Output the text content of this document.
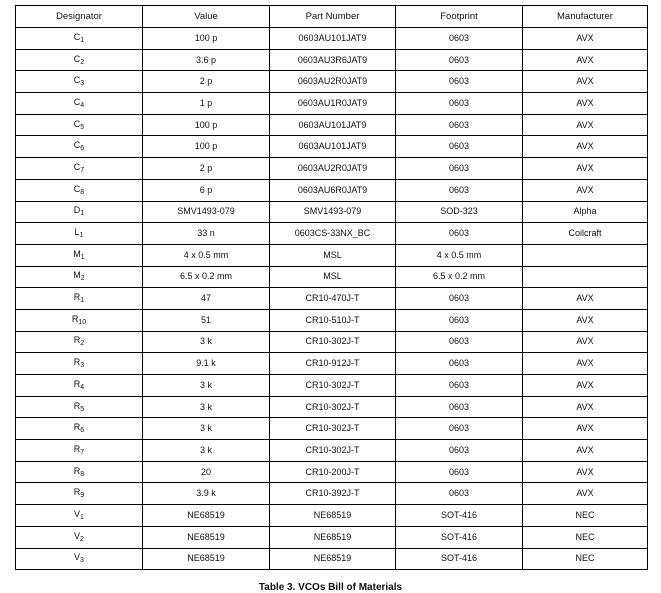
Designator	Value	Part Number	Footprint	Manufacturer
$C_1$	100 p	0603AU101JAT9	0603	AVX
$C_2$	3.6 p	0603AU3R6JAT9	0603	AVX
$C_3$	2 p	0603AU2R0JAT9	0603	AVX
$C_4$	1 p	0603AU1R0JAT9	0603	AVX
$C_5$	100 p	0603AU101JAT9	0603	AVX
$C_6$	100 p	0603AU101JAT9	0603	AVX
$C_7$	2 p	0603AU2R0JAT9	0603	AVX
$C_8$	6 p	0603AU6R0JAT9	0603	AVX
$D_1$	SMV1493-079	SMV1493-079	SOD-323	Alpha
$L_1$	33 n	0603CS-33NX_BC	0603	Coilcraft
$M_1$	4 x 0.5 mm	MSL	4 x 0.5 mm	
$M_2$	6.5 x 0.2 mm	MSL	6.5 x 0.2 mm	
$R_1$	47	CR10-470J-T	0603	AVX
$R_{10}$	51	CR10-510J-T	0603	AVX
$R_2$	3 k	CR10-302J-T	0603	AVX
$R_3$	9.1 k	CR10-912J-T	0603	AVX
$R_4$	3 k	CR10-302J-T	0603	AVX
$R_5$	3 k	CR10-302J-T	0603	AVX
$R_6$	3 k	CR10-302J-T	0603	AVX
$R_7$	3 k	CR10-302J-T	0603	AVX
$R_8$	20	CR10-200J-T	0603	AVX
$R_9$	3.9 k	CR10-392J-T	0603	AVX
$V_1$	NE68519	NE68519	SOT-416	NEC
$V_2$	NE68519	NE68519	SOT-416	NEC
$V_3$	NE68519	NE68519	SOT-416	NEC
Table 3. VCOs Bill of Materials
